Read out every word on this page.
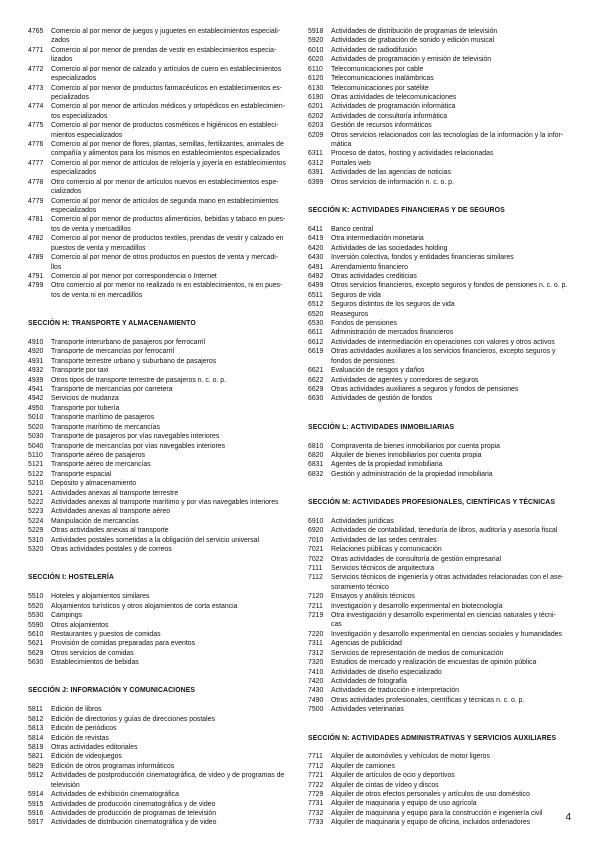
4765	Comercio al por menor de juegos y juguetes en establecimientos especiali-
zados
4771	Comercio al por menor de prendas de vestir en establecimientos especia-
lizados
4772	Comercio al por menor de calzado y artículos de cuero en establecimientos
especializados
4773	Comercio al por menor de productos farmacéuticos en establecimientos es-
pecializados
4774	Comercio al por menor de artículos médicos y ortopédicos en establecimien-
tos especializados
4775	Comercio al por menor de productos cosméticos e higiénicos en estableci-
mientos especializados
4776	Comercio al por menor de flores, plantas, semillas, fertilizantes, animales de
compañía y alimentos para los mismos en establecimientos especializados
4777	Comercio al por menor de artículos de relojería y joyería en establecimientos
especializados
4778	Otro comercio al por menor de artículos nuevos en establecimientos espe-
cializados
4779	Comercio al por menor de artículos de segunda mano en establecimientos
especializados
4781	Comercio al por menor de productos alimenticios, bebidas y tabaco en pues-
tos de venta y mercadillos
4782	Comercio al por menor de productos textiles, prendas de vestir y calzado en
puestos de venta y mercadillos
4789	Comercio al por menor de otros productos en puestos de venta y mercadi-
llos
4791	Comercio al por menor por correspondencia o Internet
4799	Otro comercio al por menor no realizado ni en establecimientos, ni en pues-
tos de venta ni en mercadillos
SECCIÓN H: TRANSPORTE Y ALMACENAMIENTO
4910	Transporte interurbano de pasajeros por ferrocarril
4920	Transporte de mercancías por ferrocarril
4931	Transporte terrestre urbano y suburbano de pasajeros
4932	Transporte por taxi
4939	Otros tipos de transporte terrestre de pasajeros n. c. o. p.
4941	Transporte de mercancías por carretera
4942	Servicios de mudanza
4950	Transporte por tubería
5010	Transporte marítimo de pasajeros
5020	Transporte marítimo de mercancías
5030	Transporte de pasajeros por vías navegables interiores
5040	Transporte de mercancías por vías navegables interiores
5110	Transporte aéreo de pasajeros
5121	Transporte aéreo de mercancías
5122	Transporte espacial
5210	Depósito y almacenamiento
5221	Actividades anexas al transporte terrestre
5222	Actividades anexas al transporte marítimo y por vías navegables interiores
5223	Actividades anexas al transporte aéreo
5224	Manipulación de mercancías
5229	Otras actividades anexas al transporte
5310	Actividades postales sometidas a la obligación del servicio universal
5320	Otras actividades postales y de correos
SECCIÓN I: HOSTELERÍA
5510	Hoteles y alojamientos similares
5520	Alojamientos turísticos y otros alojamientos de corta estancia
5530	Campings
5590	Otros alojamientos
5610	Restaurantes y puestos de comidas
5621	Provisión de comidas preparadas para eventos
5629	Otros servicios de comidas
5630	Establecimientos de bebidas
SECCIÓN J: INFORMACIÓN Y COMUNICACIONES
5811	Edición de libros
5812	Edición de directorios y guías de direcciones postales
5813	Edición de periódicos
5814	Edición de revistas
5819	Otras actividades editoriales
5821	Edición de videojuegos
5829	Edición de otros programas informáticos
5912	Actividades de postproducción cinematográfica, de video y de programas de
televisión
5914	Actividades de exhibición cinematográfica
5915	Actividades de producción cinematográfica y de video
5916	Actividades de producción de programas de televisión
5917	Actividades de distribución cinematográfica y de video
5918	Actividades de distribución de programas de televisión
5920	Actividades de grabación de sonido y edición musical
6010	Actividades de radiodifusión
6020	Actividades de programación y emisión de televisión
6110	Telecomunicaciones por cable
6120	Telecomunicaciones inalámbricas
6130	Telecomunicaciones por satélite
6190	Otras actividades de telecomunicaciones
6201	Actividades de programación informática
6202	Actividades de consultoría informática
6203	Gestión de recursos informáticos
6209	Otros servicios relacionados con las tecnologías de la información y la infor-
mática
6311	Proceso de datos, hosting y actividades relacionadas
6312	Portales web
6391	Actividades de las agencias de noticias
6399	Otros servicios de información n. c. o. p.
SECCIÓN K: ACTIVIDADES FINANCIERAS Y DE SEGUROS
6411	Banco central
6419	Otra intermediación monetaria
6420	Actividades de las sociedades holding
6430	Inversión colectiva, fondos y entidades financieras similares
6491	Arrendamiento financiero
6492	Otras actividades crediticias
6499	Otros servicios financieros, excepto seguros y fondos de pensiones n. c. o. p.
6511	Seguros de vida
6512	Seguros distintos de los seguros de vida
6520	Reaseguros
6530	Fondos de pensiones
6611	Administración de mercados financieros
6612	Actividades de intermediación en operaciones con valores y otros activos
6619	Otras actividades auxiliares a los servicios financieros, excepto seguros y
fondos de pensiones
6621	Evaluación de riesgos y daños
6622	Actividades de agentes y corredores de seguros
6629	Otras actividades auxiliares a seguros y fondos de pensiones
6630	Actividades de gestión de fondos
SECCIÓN L: ACTIVIDADES INMOBILIARIAS
6810	Compraventa de bienes inmobiliarios por cuenta propia
6820	Alquiler de bienes inmobiliarios por cuenta propia
6831	Agentes de la propiedad inmobiliaria
6832	Gestión y administración de la propiedad inmobiliaria
SECCIÓN M: ACTIVIDADES PROFESIONALES, CIENTÍFICAS Y TÉCNICAS
6910	Actividades jurídicas
6920	Actividades de contabilidad, teneduría de libros, auditoría y asesoría fiscal
7010	Actividades de las sedes centrales
7021	Relaciones públicas y comunicación
7022	Otras actividades de consultoría de gestión empresarial
7111	Servicios técnicos de arquitectura
7112	Servicios técnicos de ingeniería y otras actividades relacionadas con el ase-
soramiento técnico
7120	Ensayos y análisis técnicos
7211	Investigación y desarrollo experimental en biotecnología
7219	Otra investigación y desarrollo experimental en ciencias naturales y técni-
cas
7220	Investigación y desarrollo experimental en ciencias sociales y humanidades
7311	Agencias de publicidad
7312	Servicios de representación de medios de comunicación
7320	Estudios de mercado y realización de encuestas de opinión pública
7410	Actividades de diseño especializado
7420	Actividades de fotografía
7430	Actividades de traducción e interpretación
7490	Otras actividades profesionales, científicas y técnicas n. c. o. p.
7500	Actividades veterinarias
SECCIÓN N: ACTIVIDADES ADMINISTRATIVAS Y SERVICIOS AUXILIARES
7711	Alquiler de automóviles y vehículos de motor ligeros
7712	Alquiler de camiones
7721	Alquiler de artículos de ocio y deportivos
7722	Alquiler de cintas de vídeo y discos
7729	Alquiler de otros efectos personales y artículos de uso doméstico
7731	Alquiler de maquinaria y equipo de uso agrícola
7732	Alquiler de maquinaria y equipo para la construcción e ingeniería civil
7733	Alquiler de maquinaria y equipo de oficina, incluidos ordenadores	4
